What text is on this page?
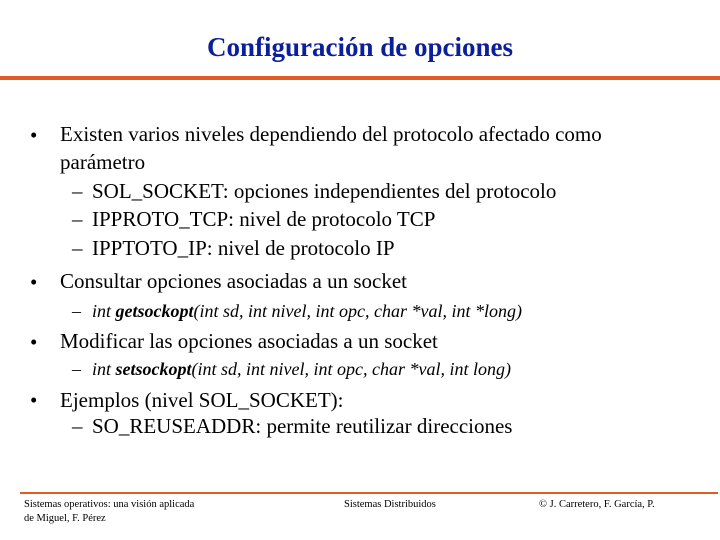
Configuración de opciones
• Existen varios niveles dependiendo del protocolo afectado como
parámetro
– SOL_SOCKET: opciones independientes del protocolo
– IPPROTO_TCP: nivel de protocolo TCP
– IPPTOTO_IP: nivel de protocolo IP
• Consultar opciones asociadas a un socket
– int getsockopt(int sd, int nivel, int opc, char *val, int *long)
• Modificar las opciones asociadas a un socket
– int setsockopt(int sd, int nivel, int opc, char *val, int long)
• Ejemplos (nivel SOL_SOCKET):
– SO_REUSEADDR: permite reutilizar direcciones
Sistemas operativos: una visión aplicada
de Miguel, F. Pérez
Sistemas Distribuidos	© J. Carretero, F. García, P.
